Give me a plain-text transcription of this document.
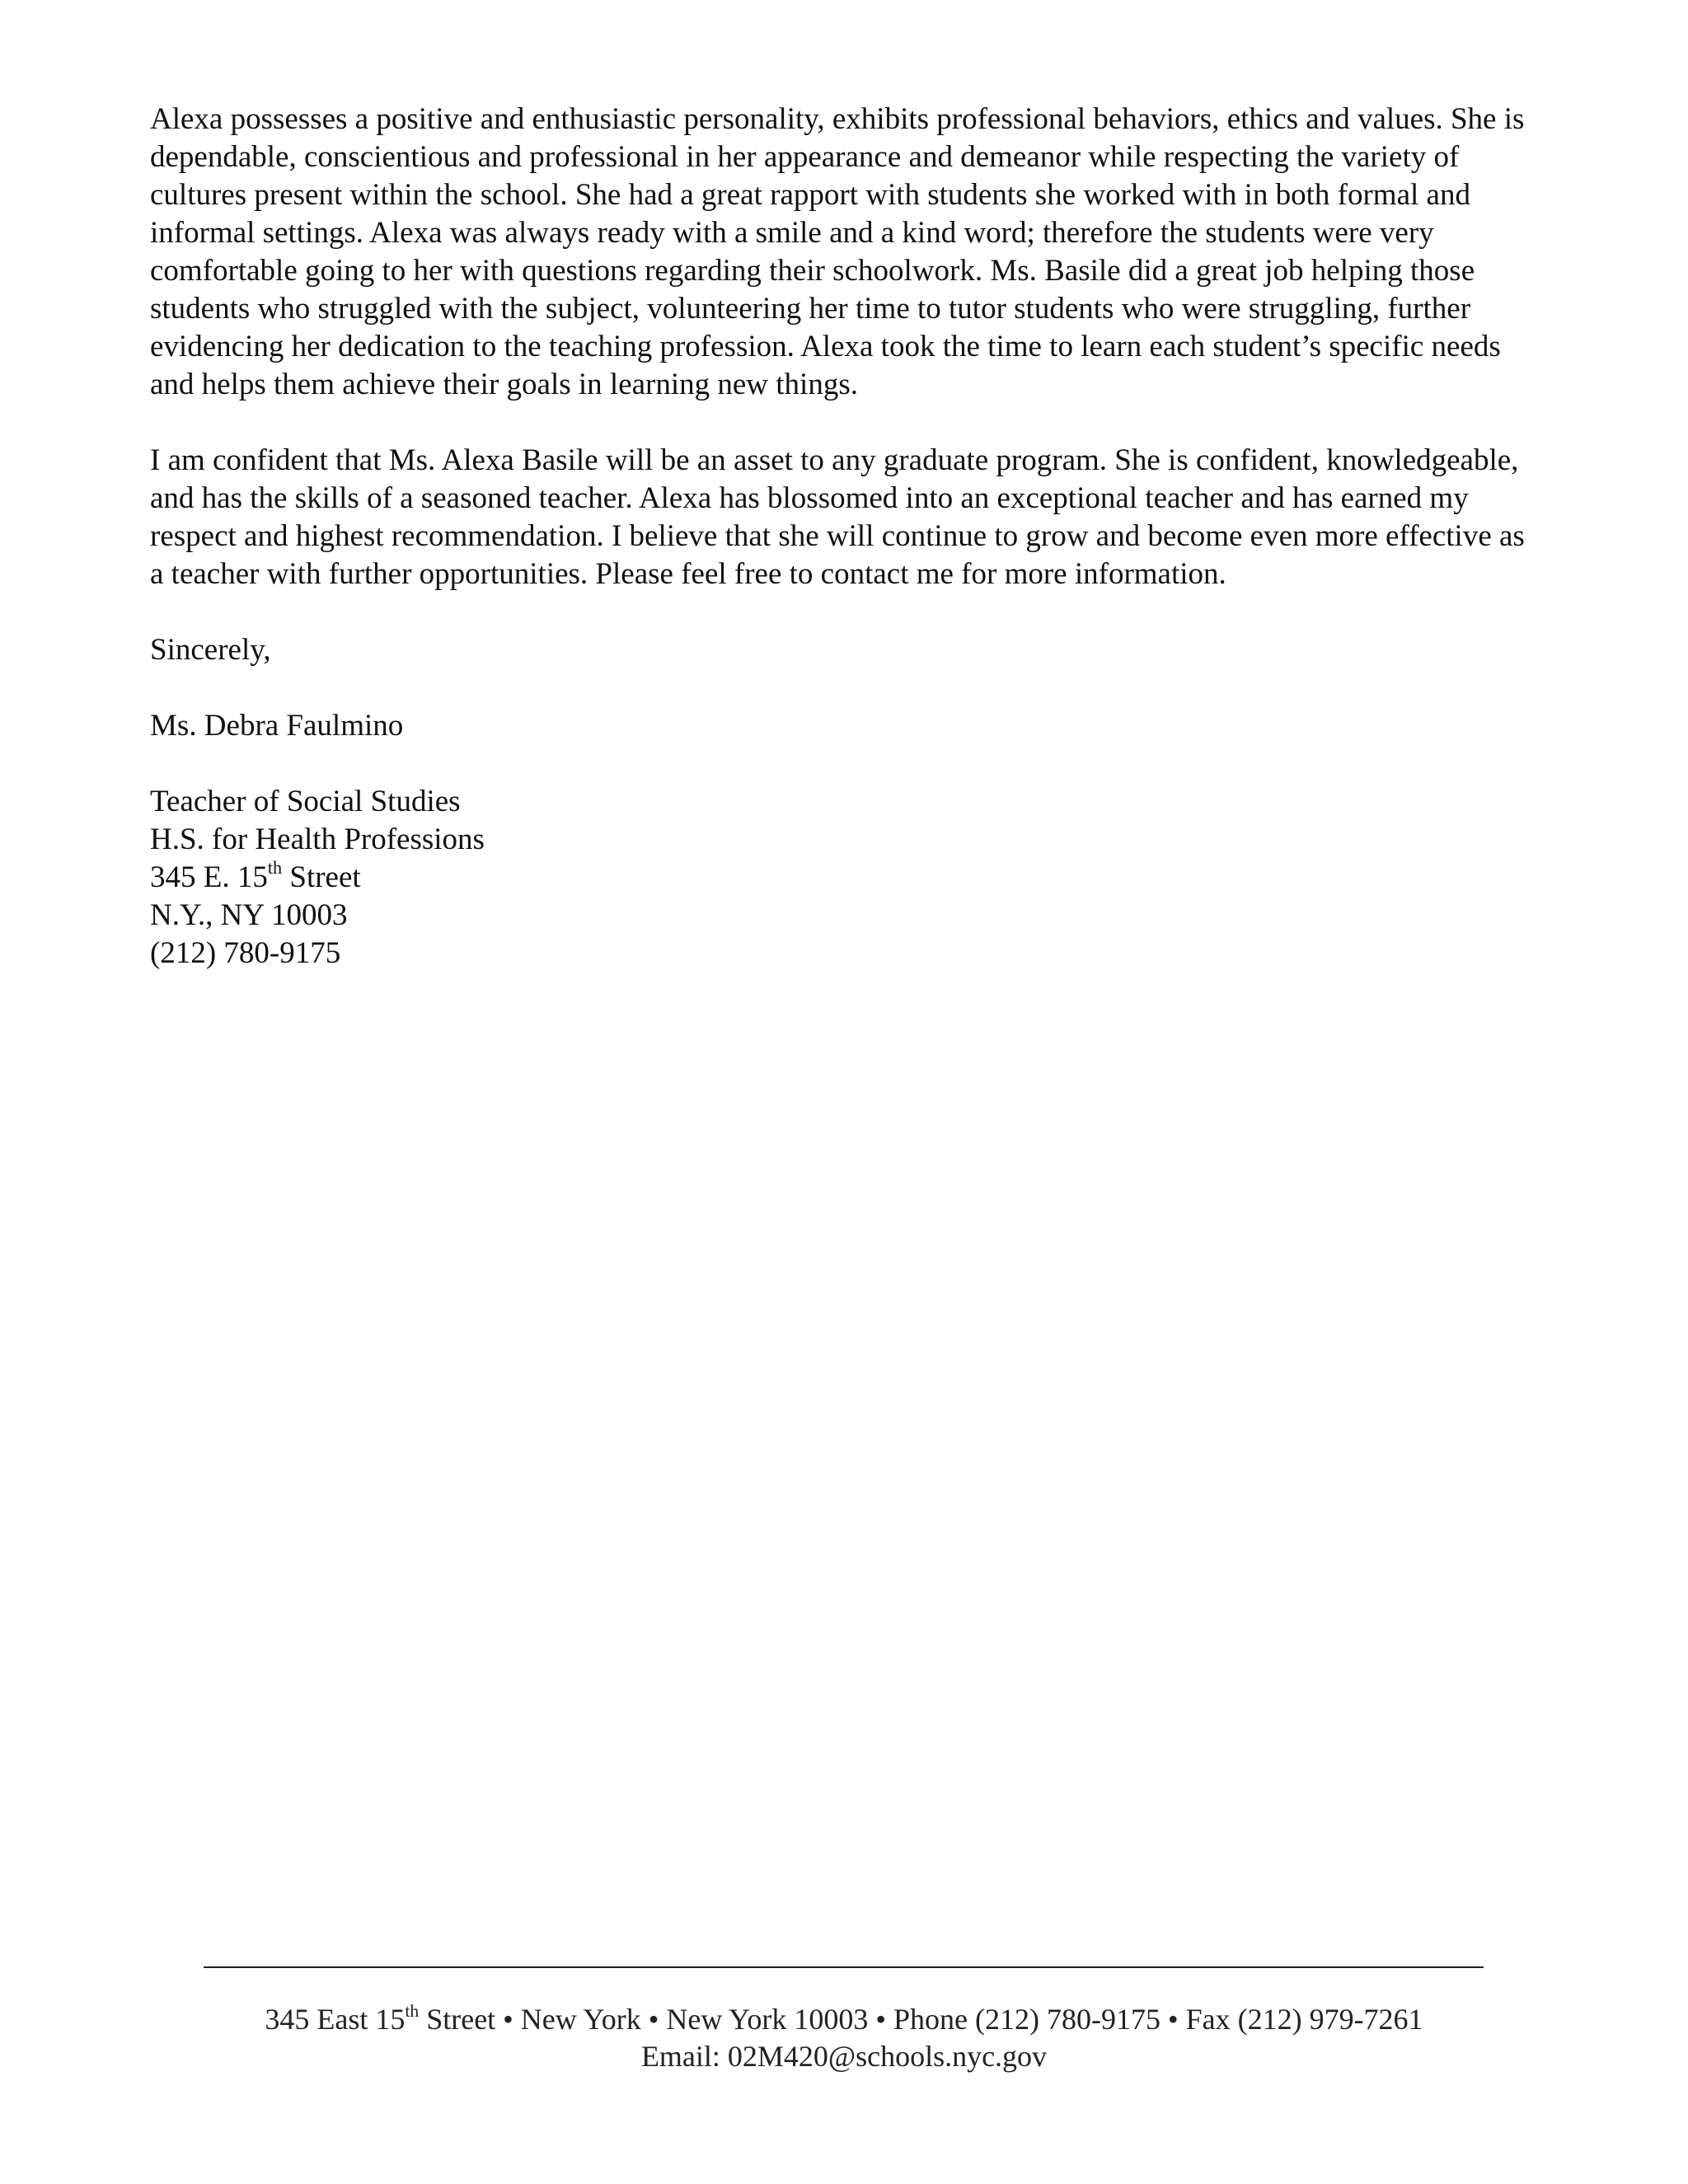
Alexa possesses a positive and enthusiastic personality, exhibits professional behaviors, ethics and values. She is dependable, conscientious and professional in her appearance and demeanor while respecting the variety of cultures present within the school. She had a great rapport with students she worked with in both formal and informal settings. Alexa was always ready with a smile and a kind word; therefore the students were very comfortable going to her with questions regarding their schoolwork. Ms. Basile did a great job helping those students who struggled with the subject, volunteering her time to tutor students who were struggling, further evidencing her dedication to the teaching profession. Alexa took the time to learn each student’s specific needs and helps them achieve their goals in learning new things.

I am confident that Ms. Alexa Basile will be an asset to any graduate program. She is confident, knowledgeable, and has the skills of a seasoned teacher. Alexa has blossomed into an exceptional teacher and has earned my respect and highest recommendation. I believe that she will continue to grow and become even more effective as a teacher with further opportunities. Please feel free to contact me for more information.

Sincerely,

Ms. Debra Faulmino

Teacher of Social Studies

H.S. for Health Professions

345 E. 15th Street

N.Y., NY 10003

(212) 780-9175

345 East 15th Street • New York • New York 10003 • Phone (212) 780-9175 • Fax (212) 979-7261

Email: 02M420@schools.nyc.gov
